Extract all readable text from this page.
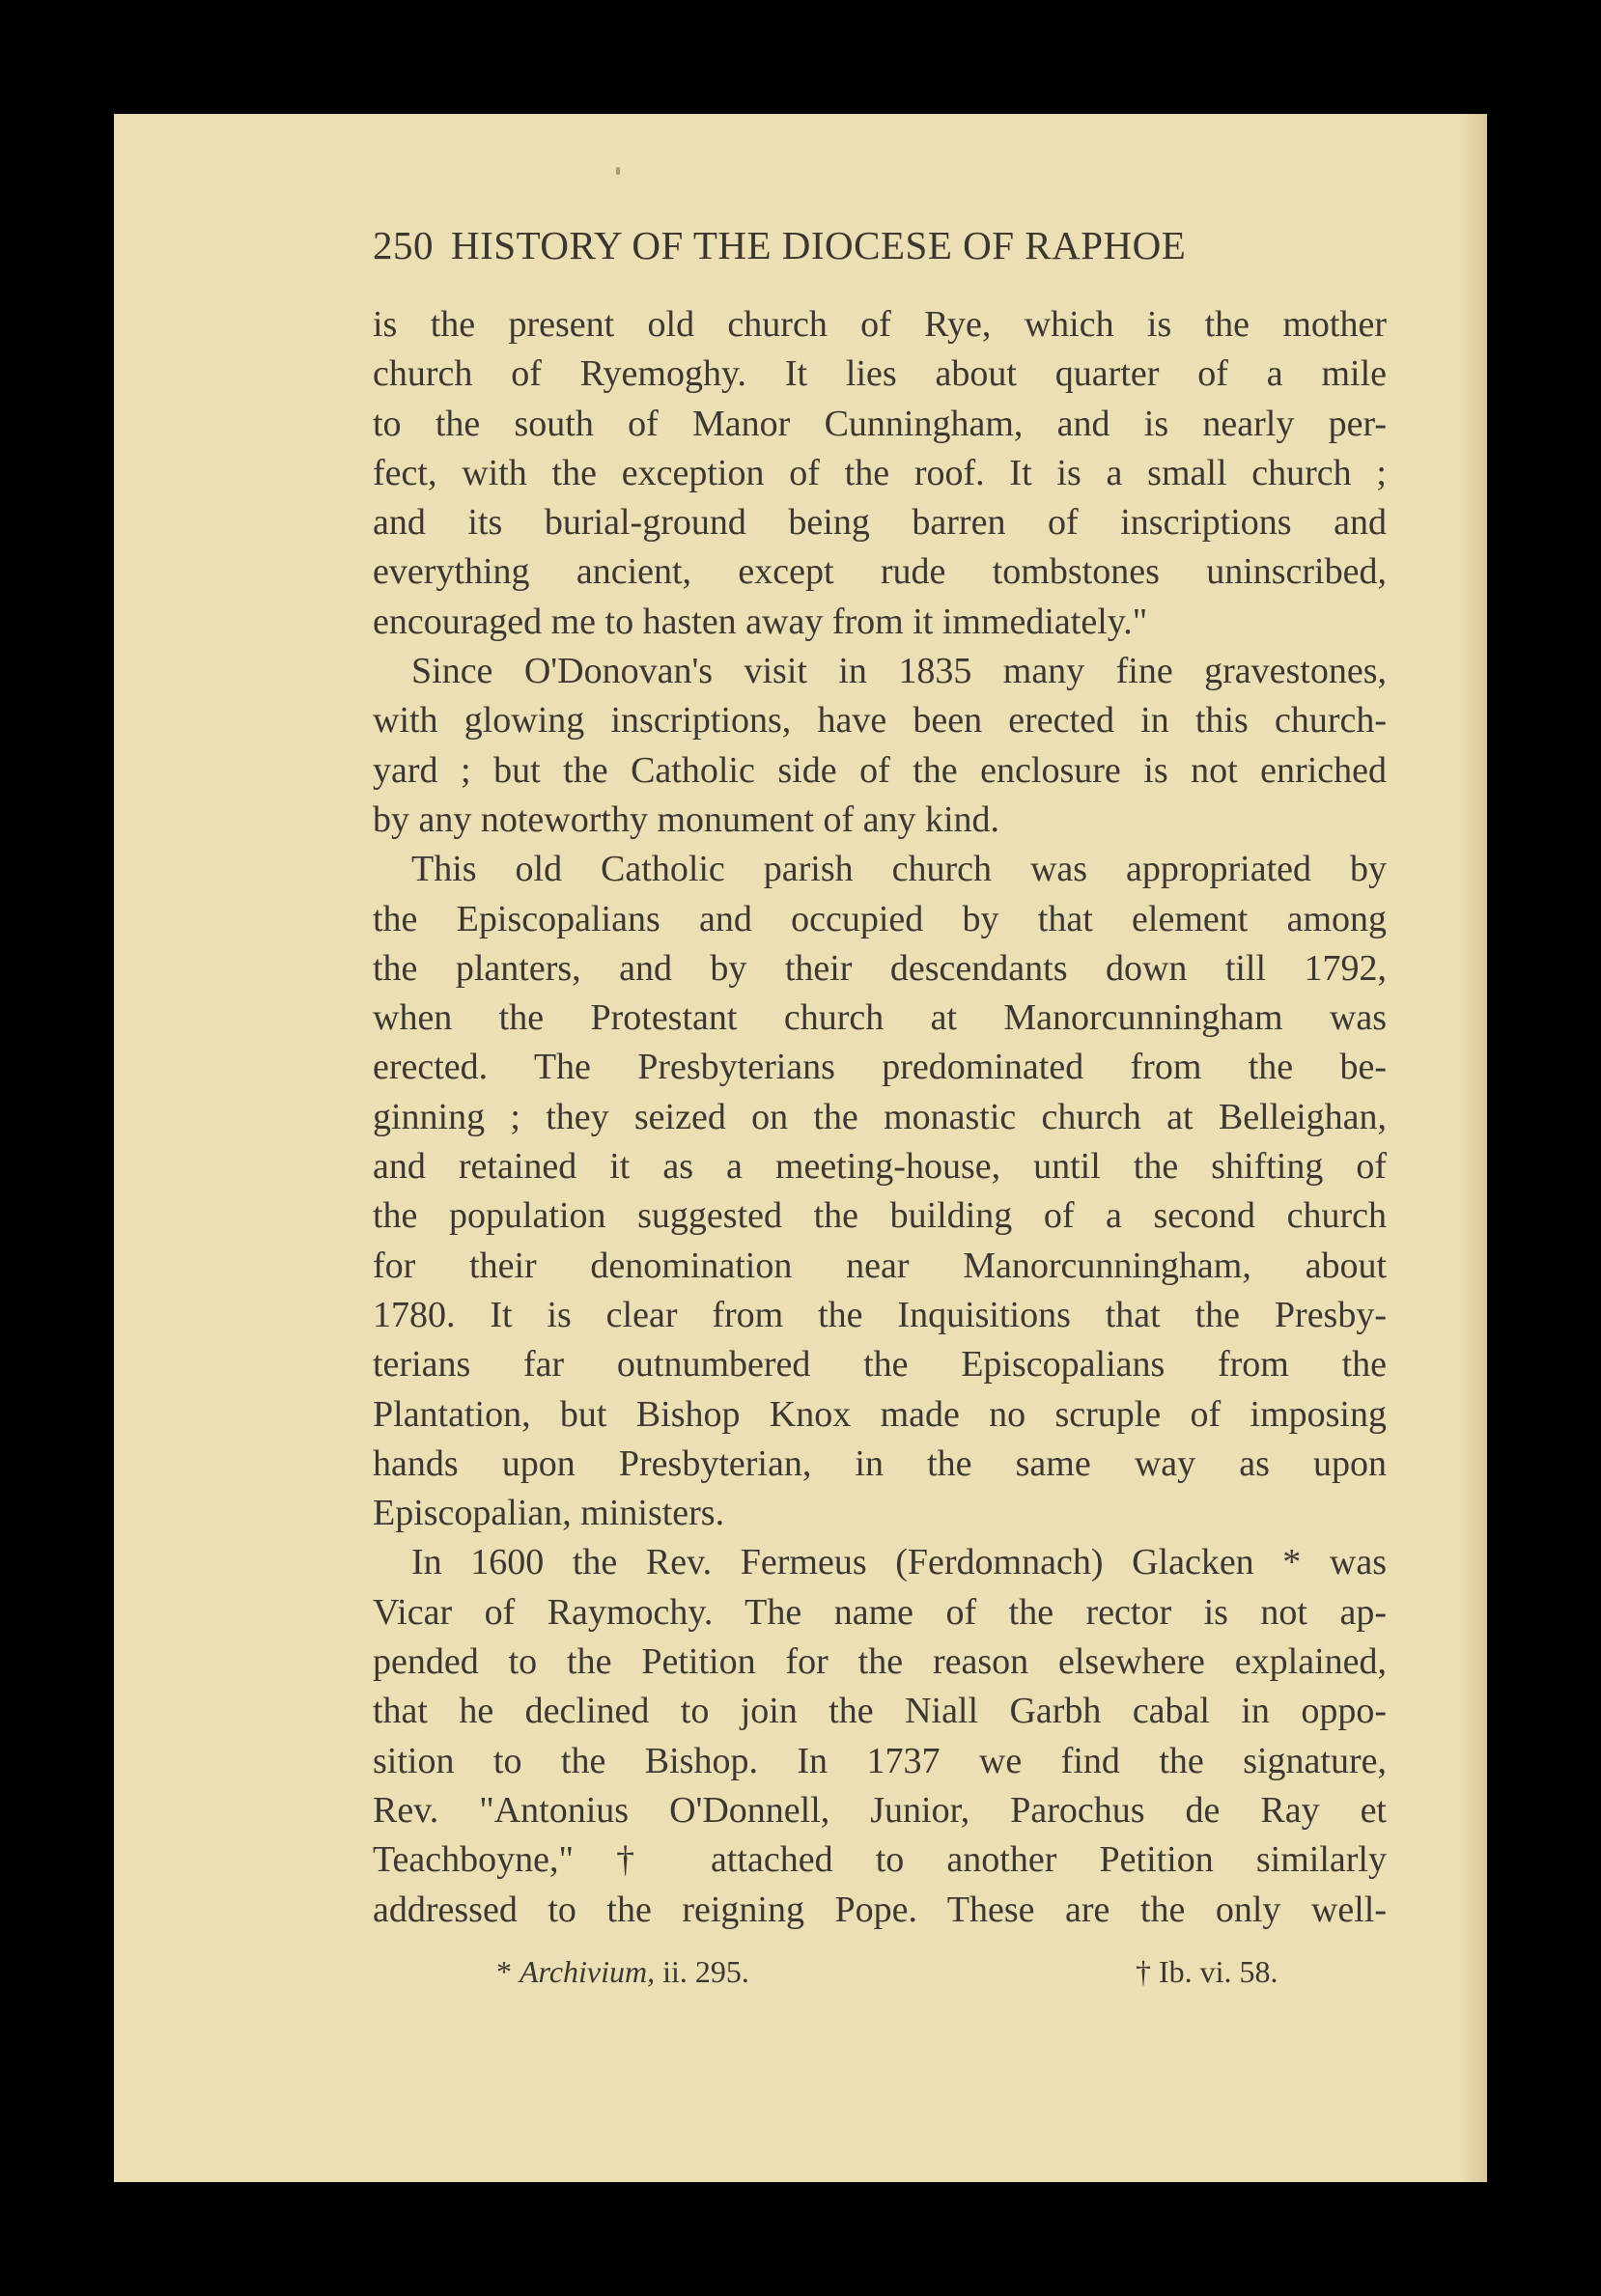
250 HISTORY OF THE DIOCESE OF RAPHOE

is the present old church of Rye, which is the mother

church of Ryemoghy. It lies about quarter of a mile

to the south of Manor Cunningham, and is nearly per-

fect, with the exception of the roof. It is a small church ;

and its burial-ground being barren of inscriptions and

everything ancient, except rude tombstones uninscribed,

encouraged me to hasten away from it immediately."

Since O'Donovan's visit in 1835 many fine gravestones,

with glowing inscriptions, have been erected in this church-

yard ; but the Catholic side of the enclosure is not enriched

by any noteworthy monument of any kind.

This old Catholic parish church was appropriated by

the Episcopalians and occupied by that element among

the planters, and by their descendants down till 1792,

when the Protestant church at Manorcunningham was

erected. The Presbyterians predominated from the be-

ginning ; they seized on the monastic church at Belleighan,

and retained it as a meeting-house, until the shifting of

the population suggested the building of a second church

for their denomination near Manorcunningham, about

1780. It is clear from the Inquisitions that the Presby-

terians far outnumbered the Episcopalians from the

Plantation, but Bishop Knox made no scruple of imposing

hands upon Presbyterian, in the same way as upon

Episcopalian, ministers.

In 1600 the Rev. Fermeus (Ferdomnach) Glacken * was

Vicar of Raymochy. The name of the rector is not ap-

pended to the Petition for the reason elsewhere explained,

that he declined to join the Niall Garbh cabal in oppo-

sition to the Bishop. In 1737 we find the signature,

Rev. "Antonius O'Donnell, Junior, Parochus de Ray et

Teachboyne," † attached to another Petition similarly

addressed to the reigning Pope. These are the only well-

* Archivium, ii. 295.	† Ib. vi. 58.
